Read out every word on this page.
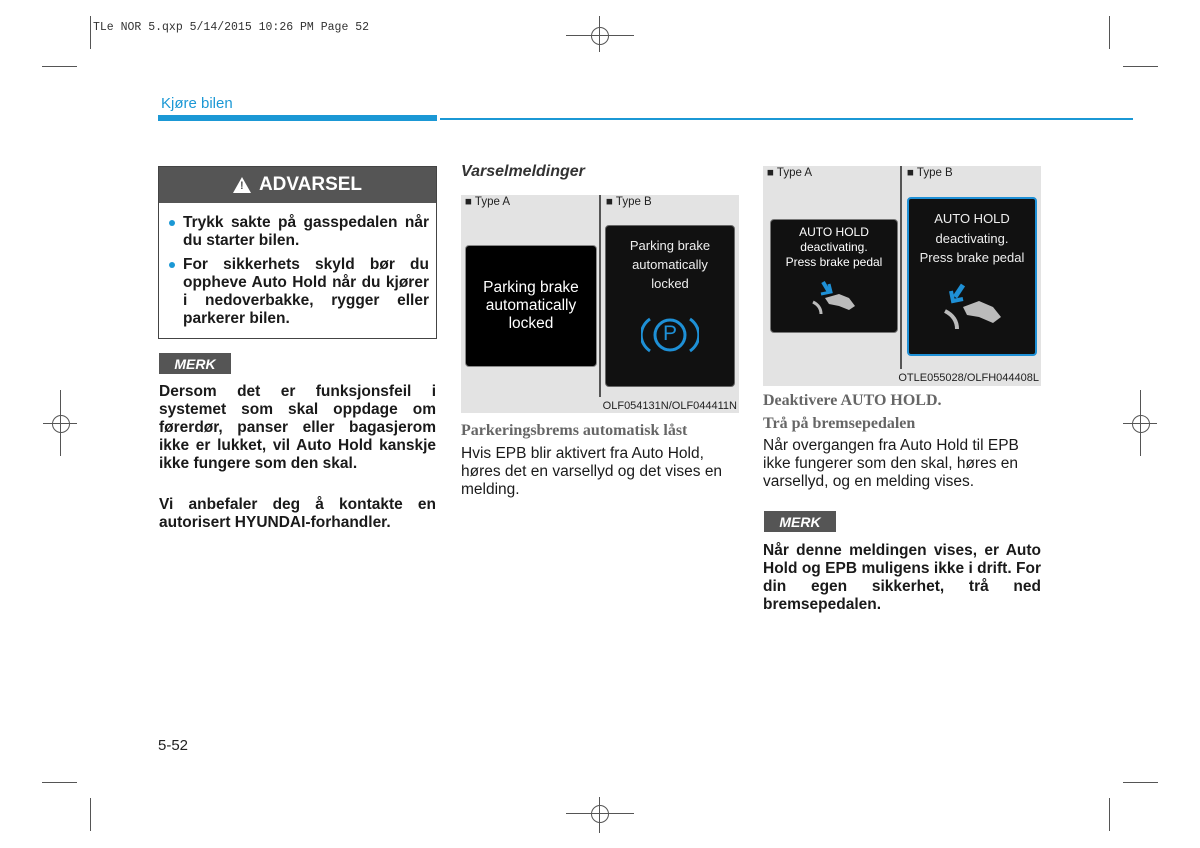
TLe NOR 5.qxp 5/14/2015 10:26 PM Page 52
Kjøre bilen
! ADVARSEL
Trykk sakte på gasspedalen når du starter bilen.
For sikkerhets skyld bør du oppheve Auto Hold når du kjører i nedoverbakke, rygger eller parkerer bilen.
MERK
Dersom det er funksjonsfeil i systemet som skal oppdage om førerdør, panser eller bagasjerom ikke er lukket, vil Auto Hold kanskje ikke fungere som den skal.
Vi anbefaler deg å kontakte en autorisert HYUNDAI-forhandler.
Varselmeldinger
■ Type A	■ Type B
Parking brake
automatically
locked
Parking brake
automatically
locked
P
OLF054131N/OLF044411N
Parkeringsbrems automatisk låst
Hvis EPB blir aktivert fra Auto Hold, høres det en varsellyd og det vises en melding.
■ Type A	■ Type B
AUTO HOLD
deactivating.
Press brake pedal
AUTO HOLD
deactivating.
Press brake pedal
OTLE055028/OLFH044408L
Deaktivere AUTO HOLD.
Trå på bremsepedalen
Når overgangen fra Auto Hold til EPB ikke fungerer som den skal, høres en varsellyd, og en melding vises.
MERK
Når denne meldingen vises, er Auto Hold og EPB muligens ikke i drift. For din egen sikkerhet, trå ned bremsepedalen.
5-52
